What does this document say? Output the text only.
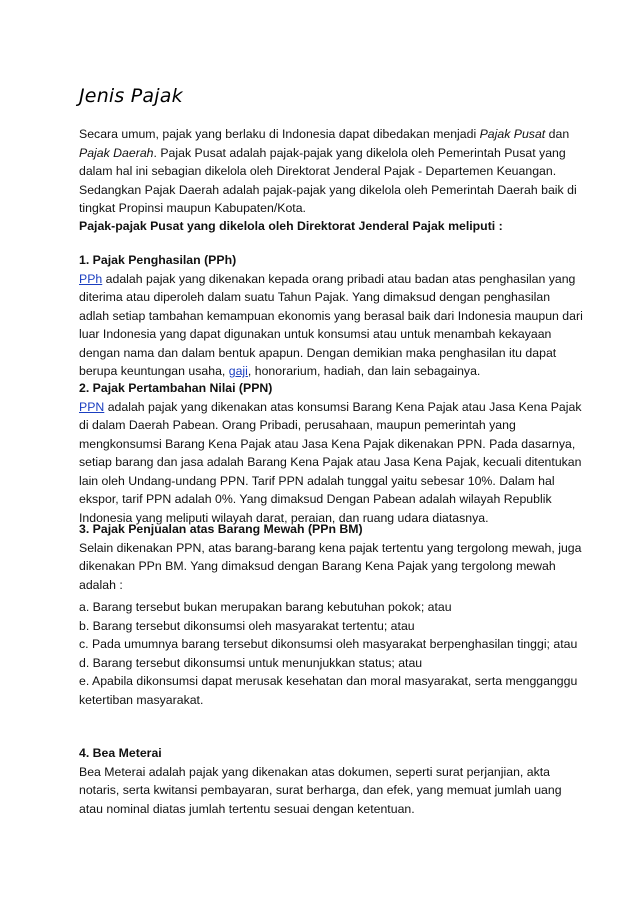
Jenis Pajak
Secara umum, pajak yang berlaku di Indonesia dapat dibedakan menjadi Pajak Pusat dan
Pajak Daerah. Pajak Pusat adalah pajak-pajak yang dikelola oleh Pemerintah Pusat yang
dalam hal ini sebagian dikelola oleh Direktorat Jenderal Pajak - Departemen Keuangan.
Sedangkan Pajak Daerah adalah pajak-pajak yang dikelola oleh Pemerintah Daerah baik di
tingkat Propinsi maupun Kabupaten/Kota.
Pajak-pajak Pusat yang dikelola oleh Direktorat Jenderal Pajak meliputi :
1. Pajak Penghasilan (PPh)
PPh adalah pajak yang dikenakan kepada orang pribadi atau badan atas penghasilan yang
diterima atau diperoleh dalam suatu Tahun Pajak. Yang dimaksud dengan penghasilan
adlah setiap tambahan kemampuan ekonomis yang berasal baik dari Indonesia maupun dari
luar Indonesia yang dapat digunakan untuk konsumsi atau untuk menambah kekayaan
dengan nama dan dalam bentuk apapun. Dengan demikian maka penghasilan itu dapat
berupa keuntungan usaha, gaji, honorarium, hadiah, dan lain sebagainya.
2. Pajak Pertambahan Nilai (PPN)
PPN adalah pajak yang dikenakan atas konsumsi Barang Kena Pajak atau Jasa Kena Pajak
di dalam Daerah Pabean. Orang Pribadi, perusahaan, maupun pemerintah yang
mengkonsumsi Barang Kena Pajak atau Jasa Kena Pajak dikenakan PPN. Pada dasarnya,
setiap barang dan jasa adalah Barang Kena Pajak atau Jasa Kena Pajak, kecuali ditentukan
lain oleh Undang-undang PPN. Tarif PPN adalah tunggal yaitu sebesar 10%. Dalam hal
ekspor, tarif PPN adalah 0%. Yang dimaksud Dengan Pabean adalah wilayah Republik
Indonesia yang meliputi wilayah darat, peraian, dan ruang udara diatasnya.
3. Pajak Penjualan atas Barang Mewah (PPn BM)
Selain dikenakan PPN, atas barang-barang kena pajak tertentu yang tergolong mewah, juga
dikenakan PPn BM. Yang dimaksud dengan Barang Kena Pajak yang tergolong mewah
adalah :
a. Barang tersebut bukan merupakan barang kebutuhan pokok; atau
b. Barang tersebut dikonsumsi oleh masyarakat tertentu; atau
c. Pada umumnya barang tersebut dikonsumsi oleh masyarakat berpenghasilan tinggi; atau
d. Barang tersebut dikonsumsi untuk menunjukkan status; atau
e. Apabila dikonsumsi dapat merusak kesehatan dan moral masyarakat, serta mengganggu
ketertiban masyarakat.
4. Bea Meterai
Bea Meterai adalah pajak yang dikenakan atas dokumen, seperti surat perjanjian, akta
notaris, serta kwitansi pembayaran, surat berharga, dan efek, yang memuat jumlah uang
atau nominal diatas jumlah tertentu sesuai dengan ketentuan.
